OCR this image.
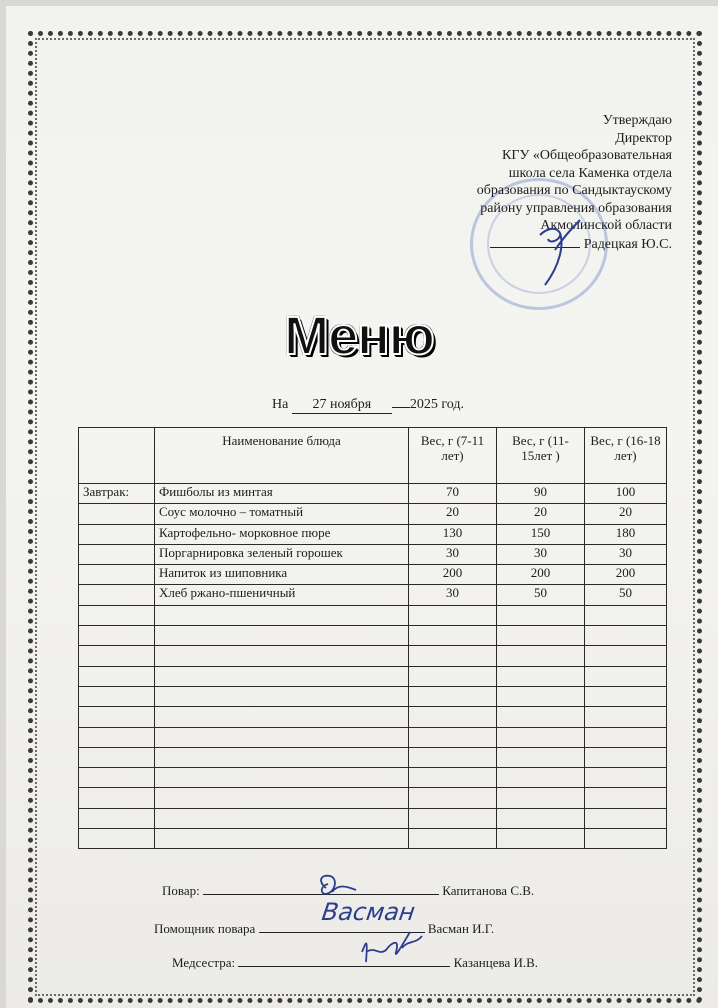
Утверждаю
Директор
КГУ «Общеобразовательная
школа села Каменка отдела
образования по Сандыктаускому
району управления образования
Акмолинской области
Радецкая Ю.С.
Меню
На 27 ноября	2025 год.
	Наименование блюда	Вес, г (7-11 лет)	Вес, г (11-15лет )	Вес, г (16-18 лет)
Завтрак:	Фишболы из минтая	70	90	100
	Соус молочно – томатный	20	20	20
	Картофельно- морковное пюре	130	150	180
	Поргарнировка зеленый горошек	30	30	30
	Напиток из шиповника	200	200	200
	Хлеб ржано-пшеничный	30	50	50

Повар:	Капитанова С.В.
Помощник повара	Васман И.Г.
Васман
Медсестра:	Казанцева И.В.
